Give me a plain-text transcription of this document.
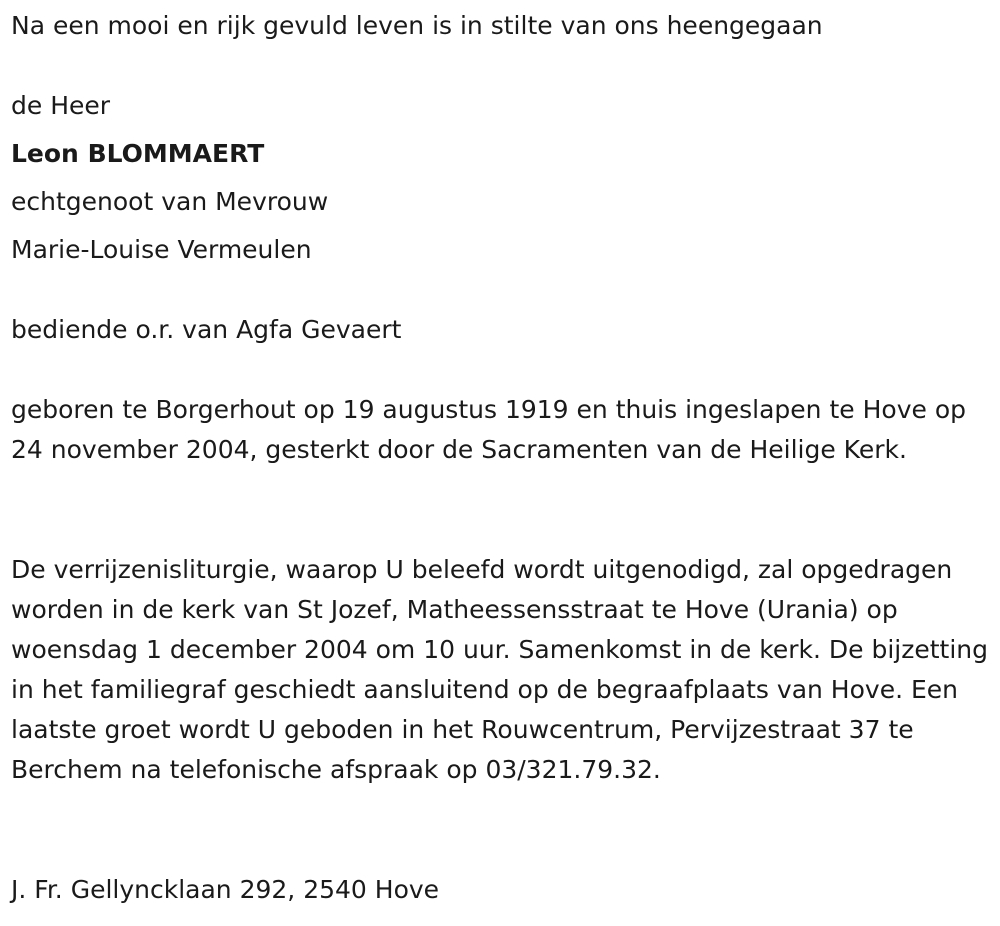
Na een mooi en rijk gevuld leven is in stilte van ons heengegaan

de Heer

Leon BLOMMAERT

echtgenoot van Mevrouw

Marie-Louise Vermeulen

bediende o.r. van Agfa Gevaert

geboren te Borgerhout op 19 augustus 1919 en thuis ingeslapen te Hove op 24 november 2004, gesterkt door de Sacramenten van de Heilige Kerk.

De verrijzenisliturgie, waarop U beleefd wordt uitgenodigd, zal opgedragen worden in de kerk van St Jozef, Matheessensstraat te Hove (Urania) op woensdag 1 december 2004 om 10 uur. Samenkomst in de kerk. De bijzetting in het familiegraf geschiedt aansluitend op de begraafplaats van Hove. Een laatste groet wordt U geboden in het Rouwcentrum, Pervijzestraat 37 te Berchem na telefonische afspraak op 03/321.79.32.

J. Fr. Gellyncklaan 292, 2540 Hove
